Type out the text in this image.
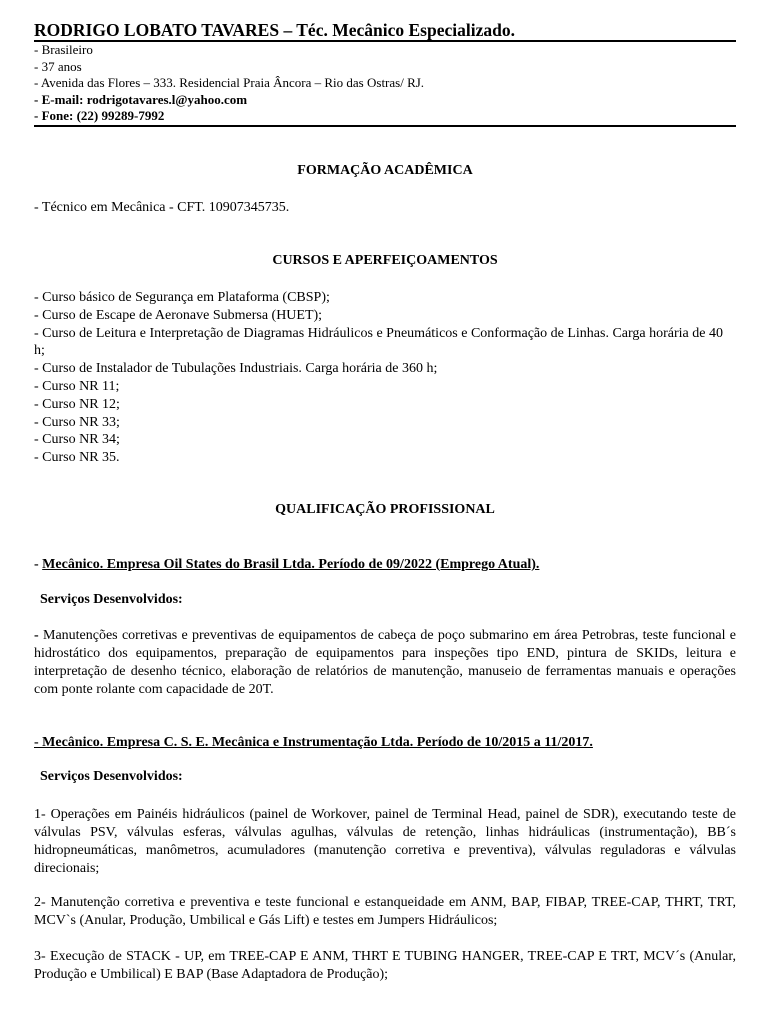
RODRIGO LOBATO TAVARES – Téc. Mecânico Especializado.
- Brasileiro
- 37 anos
- Avenida das Flores – 333. Residencial Praia Âncora – Rio das Ostras/ RJ.
- E-mail: rodrigotavares.l@yahoo.com
- Fone: (22) 99289-7992
FORMAÇÃO ACADÊMICA
- Técnico em Mecânica - CFT. 10907345735.
CURSOS E APERFEIÇOAMENTOS
- Curso básico de Segurança em Plataforma (CBSP);
- Curso de Escape de Aeronave Submersa (HUET);
- Curso de Leitura e Interpretação de Diagramas Hidráulicos e Pneumáticos e Conformação de Linhas. Carga horária de 40 h;
- Curso de Instalador de Tubulações Industriais. Carga horária de 360 h;
- Curso NR 11;
- Curso NR 12;
- Curso NR 33;
- Curso NR 34;
- Curso NR 35.
QUALIFICAÇÃO PROFISSIONAL
- Mecânico. Empresa Oil States do Brasil Ltda. Período de 09/2022 (Emprego Atual).
Serviços Desenvolvidos:
- Manutenções corretivas e preventivas de equipamentos de cabeça de poço submarino em área Petrobras, teste funcional e hidrostático dos equipamentos, preparação de equipamentos para inspeções tipo END, pintura de SKIDs, leitura e interpretação de desenho técnico, elaboração de relatórios de manutenção, manuseio de ferramentas manuais e operações com ponte rolante com capacidade de 20T.
- Mecânico. Empresa C. S. E. Mecânica e Instrumentação Ltda. Período de 10/2015 a 11/2017.
Serviços Desenvolvidos:
1- Operações em Painéis hidráulicos (painel de Workover, painel de Terminal Head, painel de SDR), executando teste de válvulas PSV, válvulas esferas, válvulas agulhas, válvulas de retenção, linhas hidráulicas (instrumentação), BB´s hidropneumáticas, manômetros, acumuladores (manutenção corretiva e preventiva), válvulas reguladoras e válvulas direcionais;
2- Manutenção corretiva e preventiva e teste funcional e estanqueidade em ANM, BAP, FIBAP, TREE-CAP, THRT, TRT, MCV`s (Anular, Produção, Umbilical e Gás Lift) e testes em Jumpers Hidráulicos;
3- Execução de STACK - UP, em TREE-CAP E ANM, THRT E TUBING HANGER, TREE-CAP E TRT, MCV´s (Anular, Produção e Umbilical) E BAP (Base Adaptadora de Produção);
